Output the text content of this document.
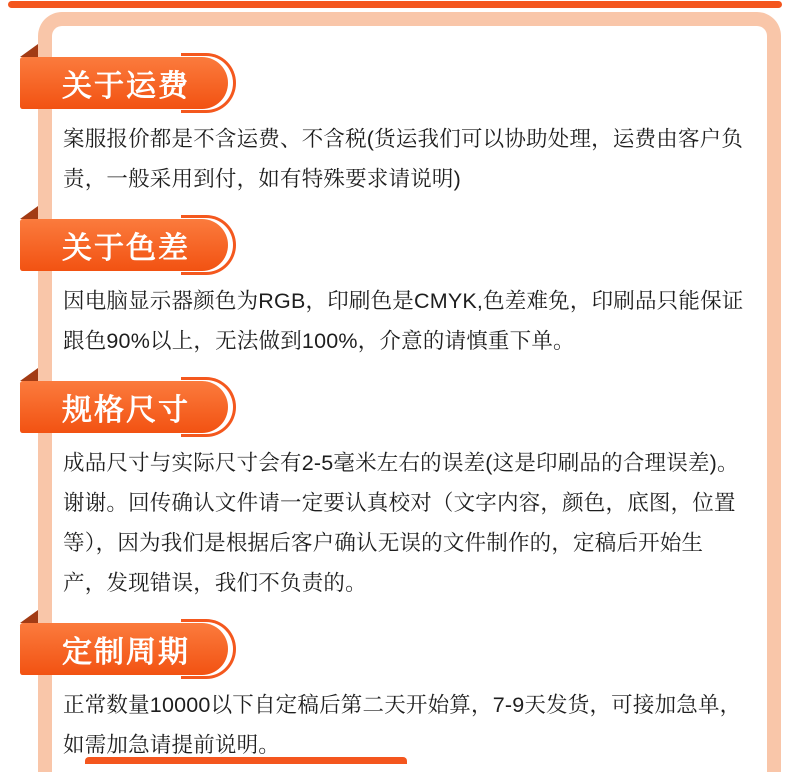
关于运费

案服报价都是不含运费、不含税(货运我们可以协助处理，运费由客户负责，一般采用到付，如有特殊要求请说明)

关于色差

因电脑显示器颜色为RGB，印刷色是CMYK,色差难免，印刷品只能保证跟色90%以上，无法做到100%，介意的请慎重下单。

规格尺寸

成品尺寸与实际尺寸会有2-5毫米左右的误差(这是印刷品的合理误差)。谢谢。回传确认文件请一定要认真校对（文字内容，颜色，底图，位置等），因为我们是根据后客户确认无误的文件制作的，定稿后开始生产，发现错误，我们不负责的。

定制周期

正常数量10000以下自定稿后第二天开始算，7-9天发货，可接加急单，如需加急请提前说明。
